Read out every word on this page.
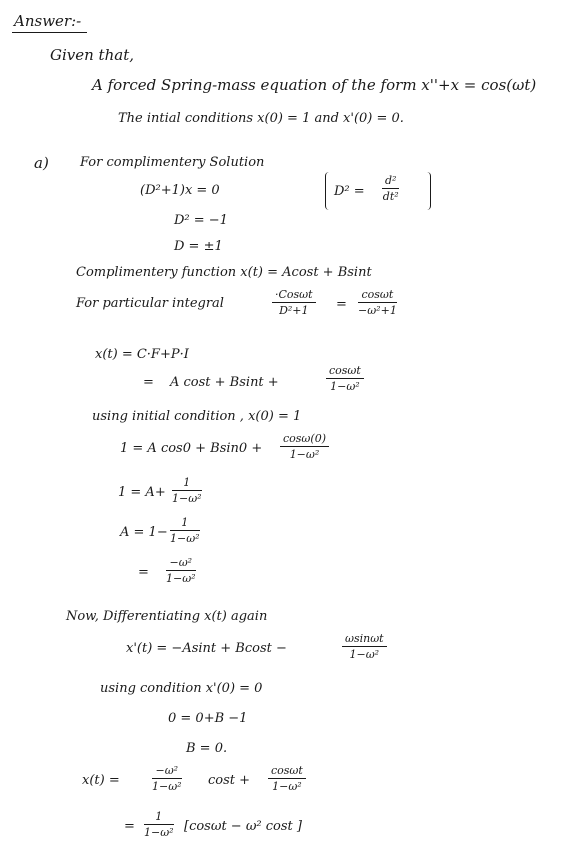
Answer:-
Given that,
A forced Spring-mass equation of the form x''+x = cos(ωt)
The intial conditions x(0) = 1 and x'(0) = 0.
a) For complimentery Solution
(D²+1)x = 0	$D^2 = \frac{\text{d²}}{\text{dt²}}$
D² = −1
D = ±1
Complimentery function x(t) = Acost + Bsint
For particular integral
·Cosωt
D²+1	= $\frac{\cos\omega t}{\text{−ω²+1}}$
x(t) = C·F+P·I
= A cost + Bsint +	$\frac{\cos\omega t}{\text{1−ω²}}$
using initial condition , x(0) = 1
1 = A $\cos 0 + Bsin0 + \frac{\cos\omega(0)}{\text{1−ω²}}$
$1 = A+ \frac{1}{\text{1−ω²}}$
$A = 1- \frac{1}{\text{1−ω²}}$
= $\frac{\text{−ω²}}{\text{1−ω²}}$
Now, Differentiating x(t) again
x'(t) = −Asint + Bcost −	$\frac{\omega\sin\omega t}{\text{1−ω²}}$
using condition x'(0) = 0
0 = 0+B −1
B = 0.
x(t) =	$\frac{\text{−ω²}}{\text{1−ω²}}$ $\cos t + \frac{\cos\omega t}{\text{1−ω²}}$
= $\frac{1}{\text{1−ω²}} [\cos\omega t - \omega^2$ cost ]
